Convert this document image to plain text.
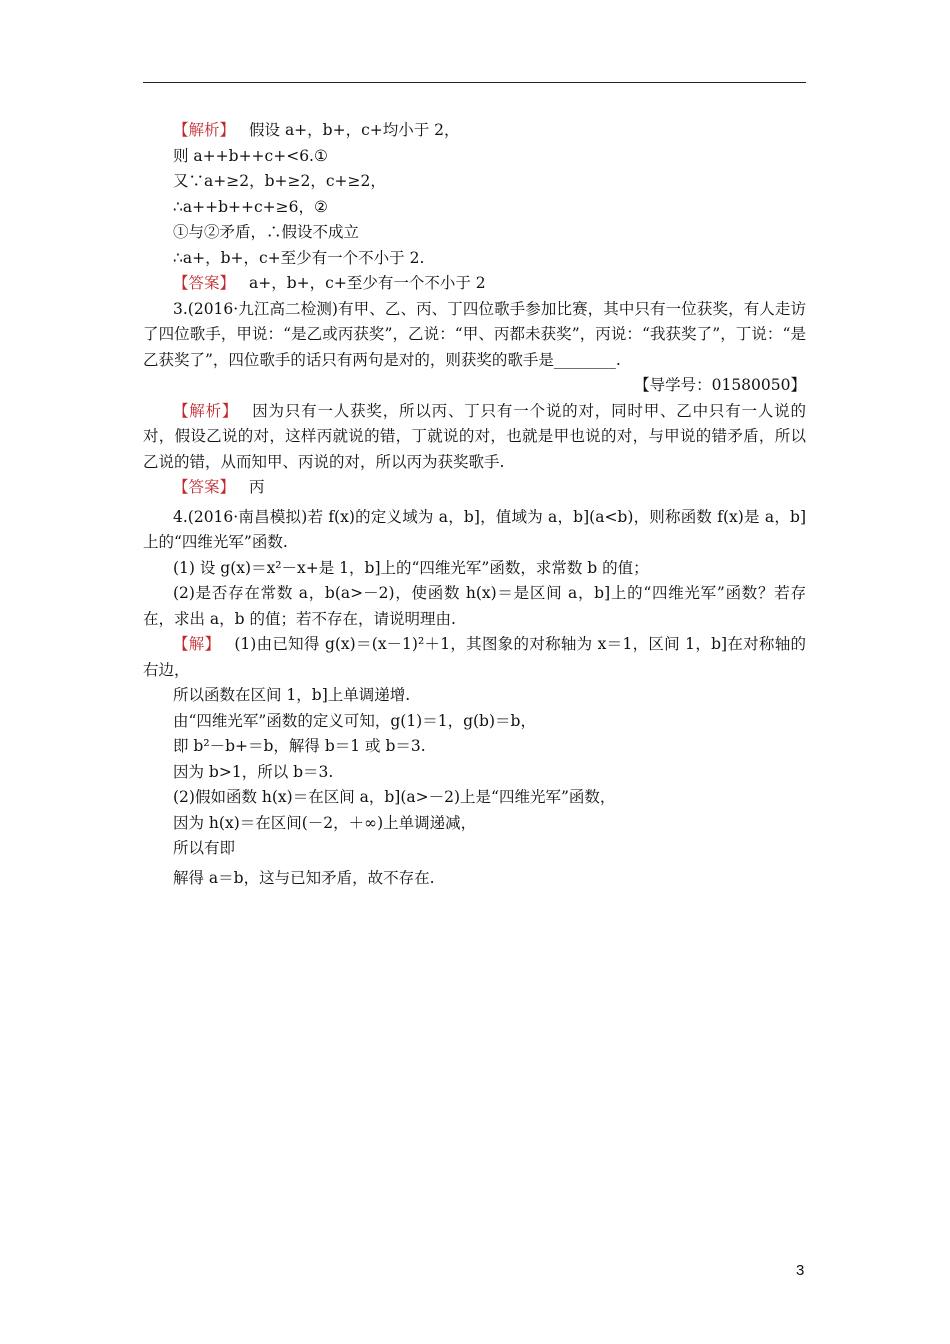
【解析】 假设 a+，b+，c+均小于 2，
则 a++b++c+<6.①
又∵a+≥2，b+≥2，c+≥2，
∴a++b++c+≥6，②
①与②矛盾，∴假设不成立
∴a+，b+，c+至少有一个不小于 2.
【答案】 a+，b+，c+至少有一个不小于 2
3.(2016·九江高二检测)有甲、乙、丙、丁四位歌手参加比赛，其中只有一位获奖，有人走访了四位歌手，甲说：“是乙或丙获奖”，乙说：“甲、丙都未获奖”，丙说：“我获奖了”，丁说：“是乙获奖了”，四位歌手的话只有两句是对的，则获奖的歌手是________.
【导学号：01580050】
【解析】 因为只有一人获奖，所以丙、丁只有一个说的对，同时甲、乙中只有一人说的对，假设乙说的对，这样丙就说的错，丁就说的对，也就是甲也说的对，与甲说的错矛盾，所以乙说的错，从而知甲、丙说的对，所以丙为获奖歌手.
【答案】 丙
4.(2016·南昌模拟)若 f(x)的定义域为 a，b]，值域为 a，b](a<b)，则称函数 f(x)是 a，b]上的“四维光军”函数.
(1) 设 g(x)＝x²－x+是 1，b]上的“四维光军”函数，求常数 b 的值；
(2)是否存在常数 a，b(a>－2)，使函数 h(x)＝是区间 a，b]上的“四维光军”函数？若存在，求出 a，b 的值；若不存在，请说明理由.
【解】 (1)由已知得 g(x)＝(x－1)²＋1，其图象的对称轴为 x＝1，区间 1，b]在对称轴的右边，
所以函数在区间 1，b]上单调递增.
由“四维光军”函数的定义可知，g(1)＝1，g(b)＝b，
即 b²－b+＝b，解得 b＝1 或 b＝3.
因为 b>1，所以 b＝3.
(2)假如函数 h(x)＝在区间 a，b](a>－2)上是“四维光军”函数，
因为 h(x)＝在区间(－2，＋∞)上单调递减，
所以有即
解得 a＝b，这与已知矛盾，故不存在.
3
